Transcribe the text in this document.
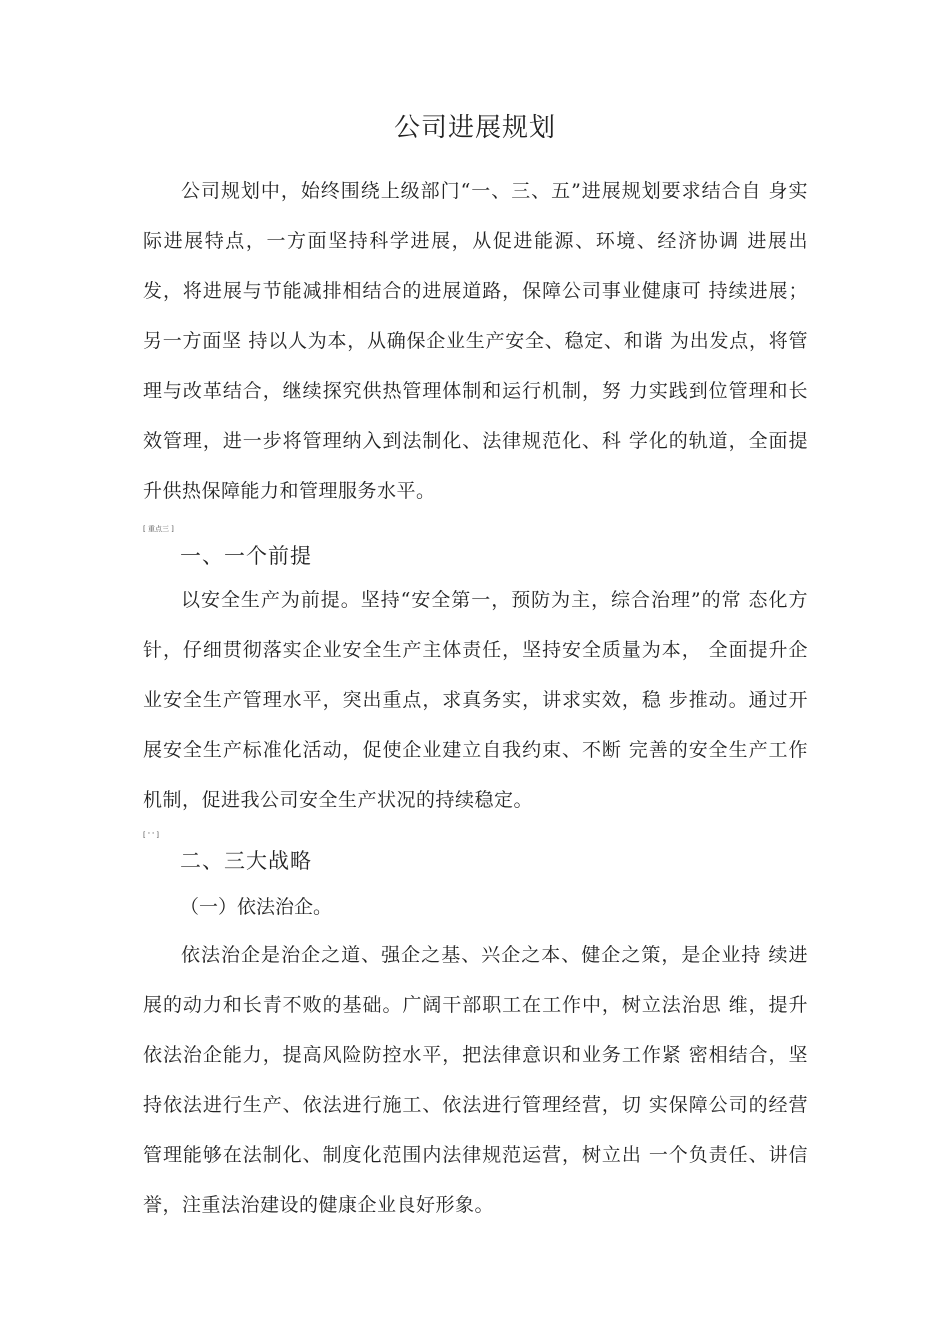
公司进展规划

公司规划中，始终围绕上级部门“一、三、五”进展规划要求结合自 身实际进展特点，一方面坚持科学进展，从促进能源、环境、经济协调 进展出发，将进展与节能减排相结合的进展道路，保障公司事业健康可 持续进展；另一方面坚 持以人为本，从确保企业生产安全、稳定、和谐 为出发点，将管理与改革结合，继续探究供热管理体制和运行机制，努 力实践到位管理和长效管理，进一步将管理纳入到法制化、法律规范化、科 学化的轨道，全面提升供热保障能力和管理服务水平。

[ 重点三 ]
一、一个前提

以安全生产为前提。坚持“安全第一，预防为主，综合治理”的常 态化方针，仔细贯彻落实企业安全生产主体责任，坚持安全质量为本， 全面提升企业安全生产管理水平，突出重点，求真务实，讲求实效，稳 步推动。通过开展安全生产标准化活动，促使企业建立自我约束、不断 完善的安全生产工作机制，促进我公司安全生产状况的持续稳定。

[ ' ' ]
二、三大战略
（一）依法治企。

依法治企是治企之道、强企之基、兴企之本、健企之策，是企业持 续进展的动力和长青不败的基础。广阔干部职工在工作中，树立法治思 维，提升依法治企能力，提高风险防控水平，把法律意识和业务工作紧 密相结合，坚持依法进行生产、依法进行施工、依法进行管理经营，切 实保障公司的经营管理能够在法制化、制度化范围内法律规范运营，树立出 一个负责任、讲信誉，注重法治建设的健康企业良好形象。
